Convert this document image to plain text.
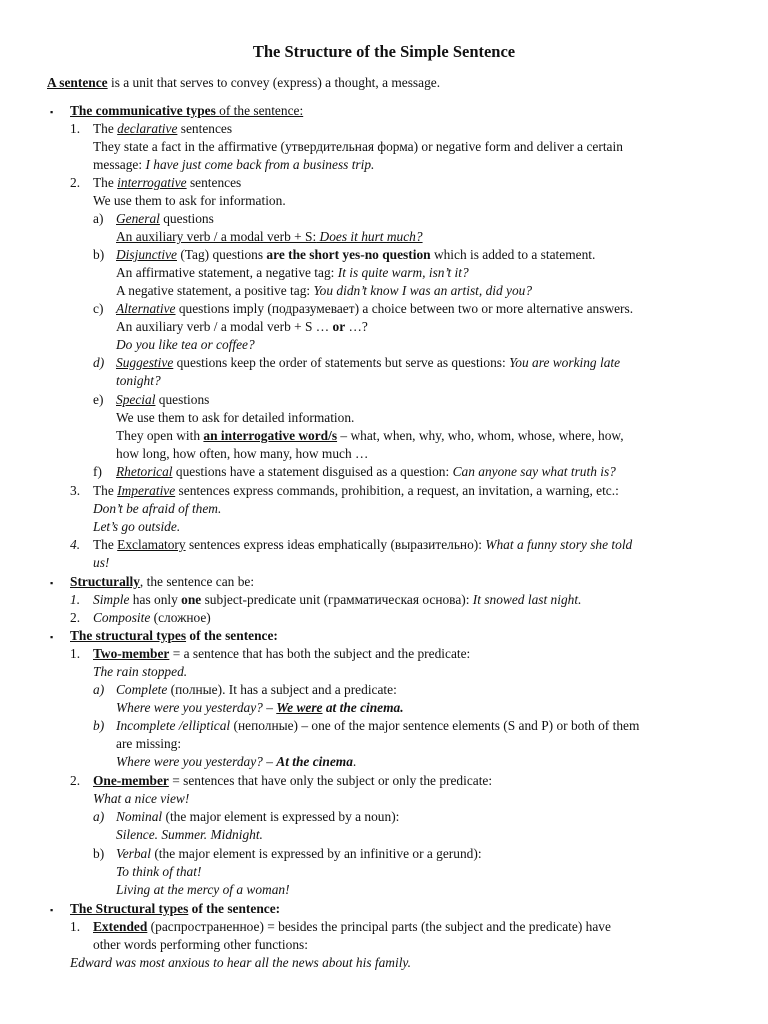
The Structure of the Simple Sentence
A sentence is a unit that serves to convey (express) a thought, a message.
▪ The communicative types of the sentence:
1. The declarative sentences
They state a fact in the affirmative (утвердительная форма) or negative form and deliver a certain
message: I have just come back from a business trip.
2. The interrogative sentences
We use them to ask for information.
a) General questions
An auxiliary verb / a modal verb + S: Does it hurt much?
b) Disjunctive (Tag) questions are the short yes-no question which is added to a statement.
An affirmative statement, a negative tag: It is quite warm, isn’t it?
A negative statement, a positive tag: You didn’t know I was an artist, did you?
c) Alternative questions imply (подразумевает) a choice between two or more alternative answers.
An auxiliary verb / a modal verb + S … or …?
Do you like tea or coffee?
d) Suggestive questions keep the order of statements but serve as questions: You are working late
tonight?
e) Special questions
We use them to ask for detailed information.
They open with an interrogative word/s – what, when, why, who, whom, whose, where, how,
how long, how often, how many, how much …
f) Rhetorical questions have a statement disguised as a question: Can anyone say what truth is?
3. The Imperative sentences express commands, prohibition, a request, an invitation, a warning, etc.:
Don’t be afraid of them.
Let’s go outside.
4. The Exclamatory sentences express ideas emphatically (выразительно): What a funny story she told
us!
▪ Structurally, the sentence can be:
1. Simple has only one subject-predicate unit (грамматическая основа): It snowed last night.
2. Composite (сложное)
▪ The structural types of the sentence:
1. Two-member = a sentence that has both the subject and the predicate:
The rain stopped.
a) Complete (полные). It has a subject and a predicate:
Where were you yesterday? – We were at the cinema.
b) Incomplete /elliptical (неполные) – one of the major sentence elements (S and P) or both of them
are missing:
Where were you yesterday? – At the cinema.
2. One-member = sentences that have only the subject or only the predicate:
What a nice view!
a) Nominal (the major element is expressed by a noun):
Silence. Summer. Midnight.
b) Verbal (the major element is expressed by an infinitive or a gerund):
To think of that!
Living at the mercy of a woman!
▪ The Structural types of the sentence:
1. Extended (распространенное) = besides the principal parts (the subject and the predicate) have
other words performing other functions:
Edward was most anxious to hear all the news about his family.
